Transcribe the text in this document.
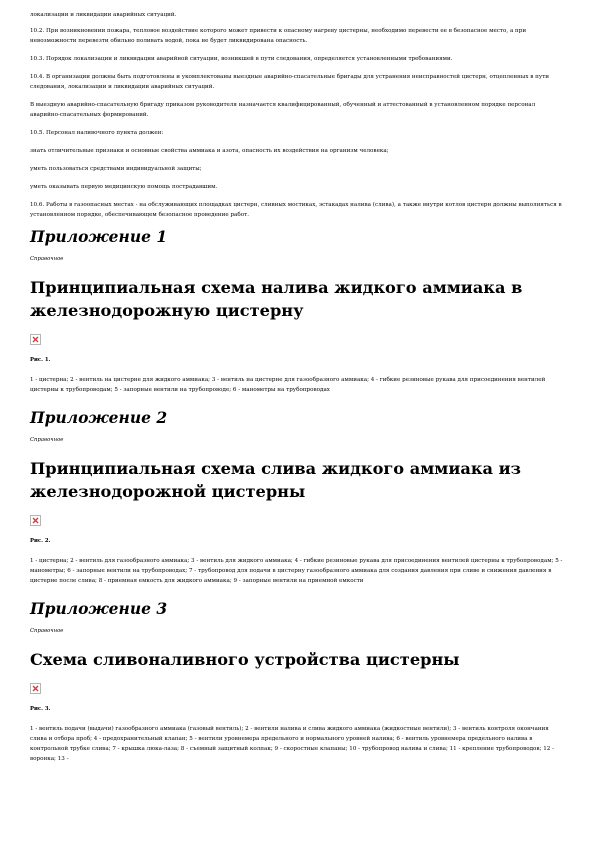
локализации и ликвидации аварийных ситуаций.

10.2. При возникновении пожара, тепловое воздействие которого может привести к опасному нагреву цистерны, необходимо перевести ее в безопасное место, а при невозможности перевезти обильно поливать водой, пока не будет ликвидирована опасность.

10.3. Порядок локализации и ликвидации аварийной ситуации, возникшей в пути следования, определяется установленными требованиями.

10.4. В организации должны быть подготовлены и укомплектованы выездные аварийно-спасательные бригады для устранения неисправностей цистерн, отцепленных в пути следования, локализации и ликвидации аварийных ситуаций.

В выездную аварийно-спасательную бригаду приказом руководителя назначается квалифицированный, обученный и аттестованный в установленном порядке персонал аварийно-спасательных формирований.

10.5. Персонал наливочного пункта должен:

знать отличительные признаки и основные свойства аммиака и азота, опасность их воздействия на организм человека;

уметь пользоваться средствами индивидуальной защиты;

уметь оказывать первую медицинскую помощь пострадавшим.

10.6. Работы в газоопасных местах - на обслуживающих площадках цистерн, сливных мостиках, эстакадах налива (слива), а также внутри котлов цистерн должны выполняться в установленном порядке, обеспечивающем безопасное проведение работ.

Приложение 1
Справочное
Принципиальная схема налива жидкого аммиака в железнодорожную цистерну
Рис. 1.
1 - цистерна; 2 - вентиль на цистерне для жидкого аммиака; 3 - вентиль на цистерне для газообразного аммиака; 4 - гибкие резиновые рукава для присоединения вентилей цистерны к трубопроводам; 5 - запорные вентили на трубопроводе; 6 - манометры на трубопроводах
Приложение 2
Справочное
Принципиальная схема слива жидкого аммиака из железнодорожной цистерны
Рис. 2.
1 - цистерна; 2 - вентиль для газообразного аммиака; 3 - вентиль для жидкого аммиака; 4 - гибкие резиновые рукава для присоединения вентилей цистерны к трубопроводам; 5 - манометры; 6 - запорные вентили на трубопроводах; 7 - трубопровод для подачи в цистерну газообразного аммиака для создания давления при сливе и снижения давления в цистерне после слива; 8 - приемная емкость для жидкого аммиака; 9 - запорные вентили на приемной емкости
Приложение 3
Справочное
Схема сливоналивного устройства цистерны
Рис. 3.
1 - вентиль подачи (выдачи) газообразного аммиака (газовый вентиль); 2 - вентили налива и слива жидкого аммиака (жидкостные вентили); 3 - вентиль контроля окончания слива и отбора проб; 4 - предохранительный клапан; 5 - вентили уровнемера предельного и нормального уровней налива; 6 - вентиль уровнемера предельного налива в контрольной трубке слива; 7 - крышка люка-лаза; 8 - съемный защитный колпак; 9 - скоростные клапаны; 10 - трубопровод налива и слива; 11 - крепление трубопроводов; 12 - воронка; 13 -
